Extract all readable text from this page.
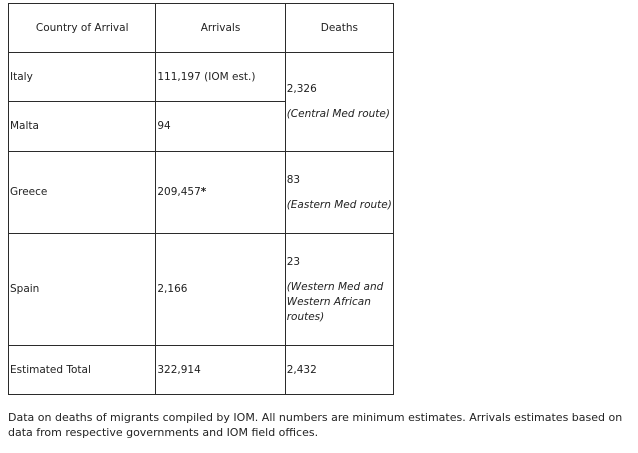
Country of Arrival	Arrivals	Deaths
Italy	111,197 (IOM est.)	2,326
(Central Med route)

Malta	94	
Greece	209,457*	83
(Eastern Med route)

Spain	2,166	23
(Western Med and Western African routes)

Estimated Total	322,914	2,432

Data on deaths of migrants compiled by IOM. All numbers are minimum estimates. Arrivals estimates based on data from respective governments and IOM field offices.
